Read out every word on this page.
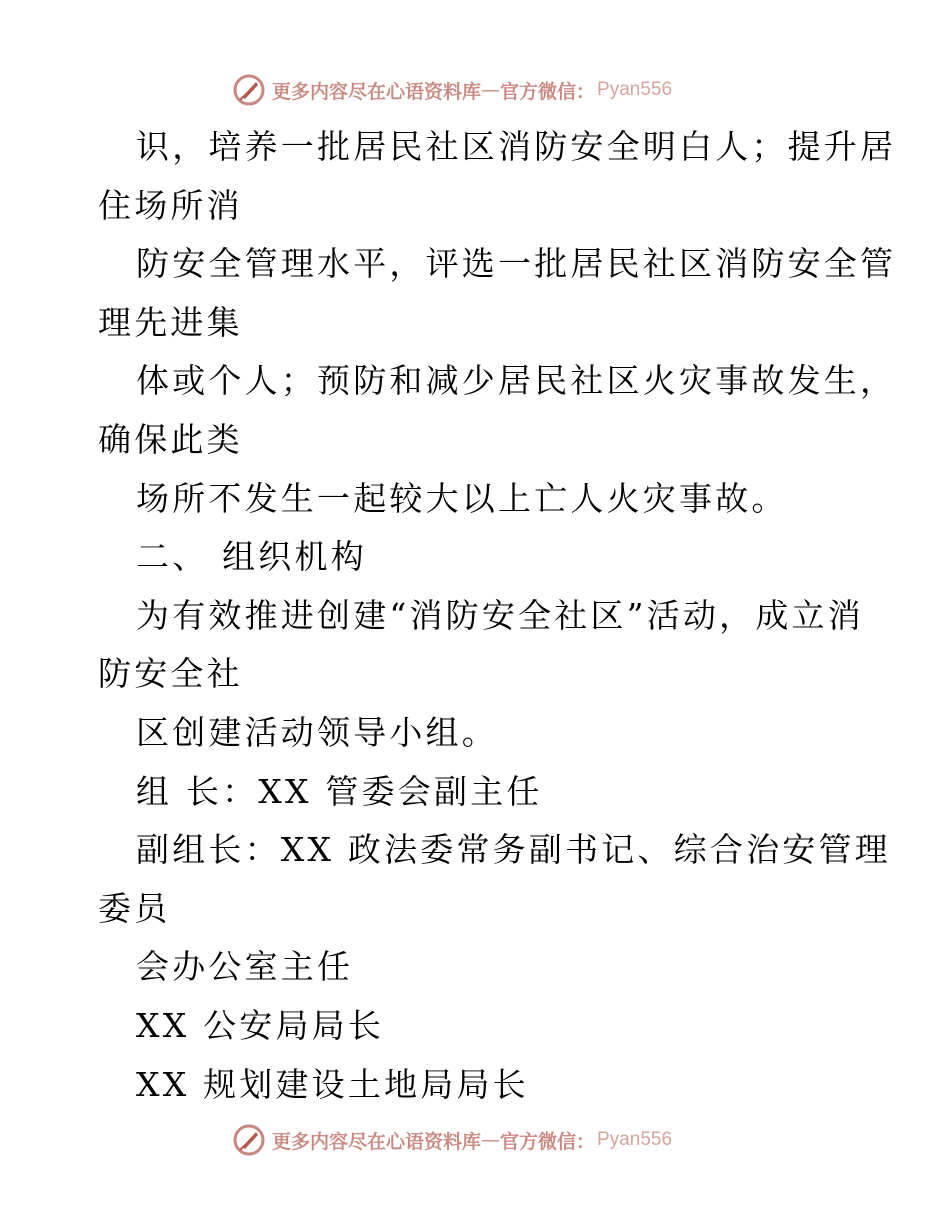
更多内容尽在心语资料库 — 官方微信： Pyan556
识，培养一批居民社区消防安全明白人；提升居
住场所消
防安全管理水平，评选一批居民社区消防安全管
理先进集
体或个人；预防和减少居民社区火灾事故发生，
确保此类
场所不发生一起较大以上亡人火灾事故。
二、 组织机构
为有效推进创建“消防安全社区”活动，成立消
防安全社
区创建活动领导小组。
组 长：XX 管委会副主任
副组长：XX 政法委常务副书记、综合治安管理
委员
会办公室主任
XX 公安局局长
XX 规划建设土地局局长
更多内容尽在心语资料库 — 官方微信： Pyan556
